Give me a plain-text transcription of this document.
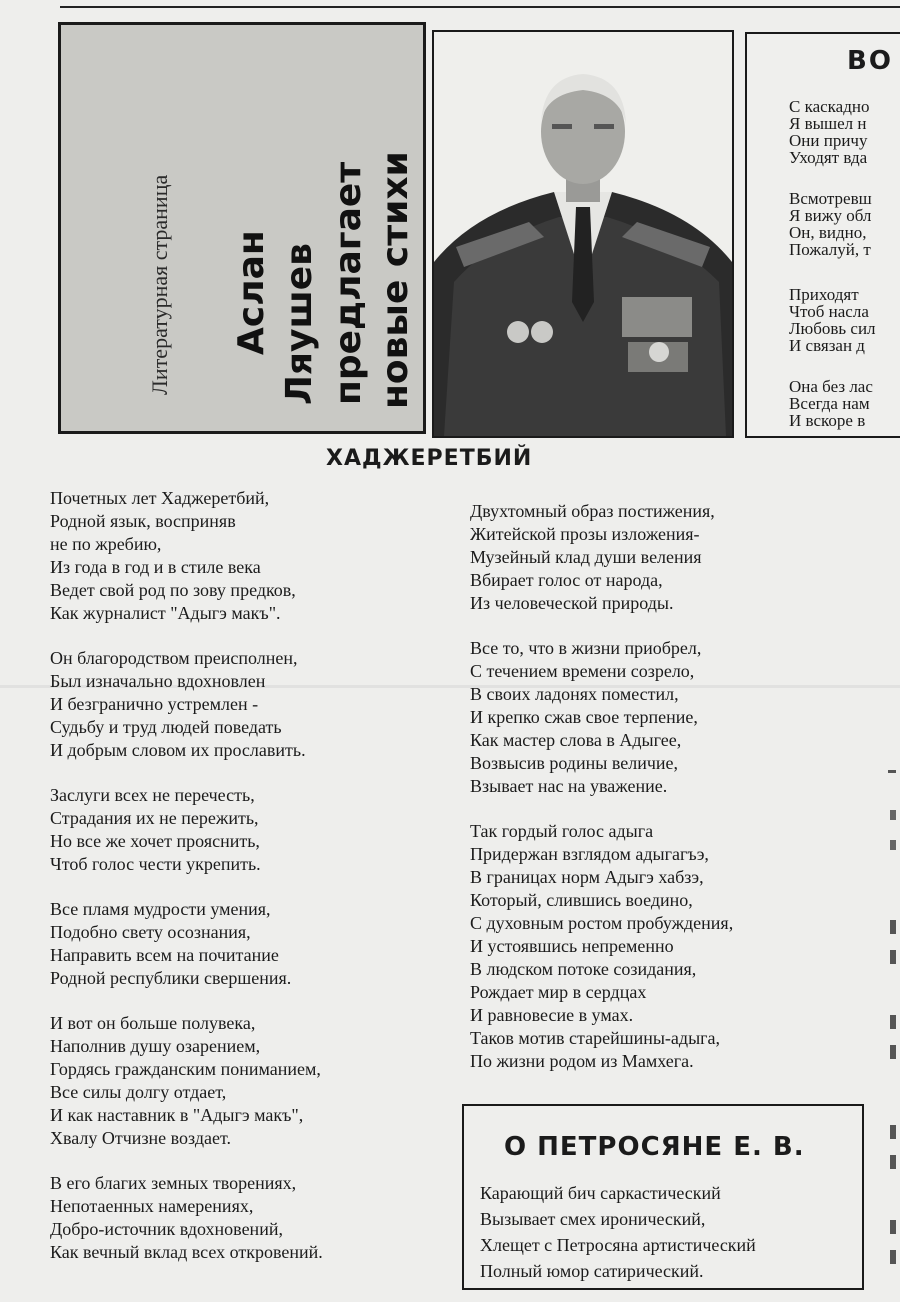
Литературная страница Аслан Ляушев предлагает новые стихи
ВО
С каскадно
Я вышел н
Они причу
Уходят вда
Всмотревш
Я вижу обл
Он, видно,
Пожалуй, т
Приходят
Чтоб насла
Любовь сил
И связан д
Она без лас
Всегда нам
И вскоре в
ХАДЖЕРЕТБИЙ
Почетных лет Хаджеретбий,
Родной язык, восприняв
не по жребию,
Из года в год и в стиле века
Ведет свой род по зову предков,
Как журналист "Адыгэ макъ".
Он благородством преисполнен,
Был изначально вдохновлен
И безгранично устремлен -
Судьбу и труд людей поведать
И добрым словом их прославить.
Заслуги всех не перечесть,
Страдания их не пережить,
Но все же хочет прояснить,
Чтоб голос чести укрепить.
Все пламя мудрости умения,
Подобно свету осознания,
Направить всем на почитание
Родной республики свершения.
И вот он больше полувека,
Наполнив душу озарением,
Гордясь гражданским пониманием,
Все силы долгу отдает,
И как наставник в "Адыгэ макъ",
Хвалу Отчизне воздает.
В его благих земных творениях,
Непотаенных намерениях,
Добро-источник вдохновений,
Как вечный вклад всех откровений.
Двухтомный образ постижения,
Житейской прозы изложения-
Музейный клад души веления
Вбирает голос от народа,
Из человеческой природы.
Все то, что в жизни приобрел,
С течением времени созрело,
В своих ладонях поместил,
И крепко сжав свое терпение,
Как мастер слова в Адыгее,
Возвысив родины величие,
Взывает нас на уважение.
Так гордый голос адыга
Придержан взглядом адыгагъэ,
В границах норм Адыгэ хабзэ,
Который, слившись воедино,
С духовным ростом пробуждения,
И устоявшись непременно
В людском потоке созидания,
Рождает мир в сердцах
И равновесие в умах.
Таков мотив старейшины-адыга,
По жизни родом из Мамхега.
О ПЕТРОСЯНЕ Е. В.
Карающий бич саркастический
Вызывает смех иронический,
Хлещет с Петросяна артистический
Полный юмор сатирический.
